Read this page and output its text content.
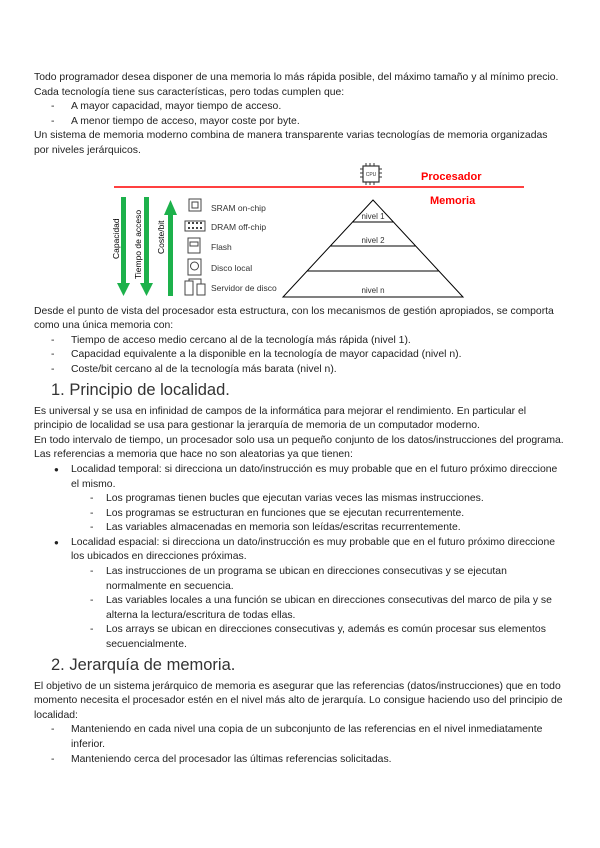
Todo programador desea disponer de una memoria lo más rápida posible, del máximo tamaño y al mínimo precio. Cada tecnología tiene sus características, pero todas cumplen que:

- A mayor capacidad, mayor tiempo de acceso.

- A menor tiempo de acceso, mayor coste por byte.

Un sistema de memoria moderno combina de manera transparente varias tecnologías de memoria organizadas por niveles jerárquicos.

CPU	Procesador
Memoria
Capacidad Tiempo de acceso Coste/bit
SRAM on-chip
DRAM off-chip
Flash
Disco local
Servidor de disco
nivel 1
nivel 2
nivel n

Desde el punto de vista del procesador esta estructura, con los mecanismos de gestión apropiados, se comporta como una única memoria con:

- Tiempo de acceso medio cercano al de la tecnología más rápida (nivel 1).

- Capacidad equivalente a la disponible en la tecnología de mayor capacidad (nivel n).

- Coste/bit cercano al de la tecnología más barata (nivel n).

1. Principio de localidad.

Es universal y se usa en infinidad de campos de la informática para mejorar el rendimiento. En particular el principio de localidad se usa para gestionar la jerarquía de memoria de un computador moderno.

En todo intervalo de tiempo, un procesador solo usa un pequeño conjunto de los datos/instrucciones del programa. Las referencias a memoria que hace no son aleatorias ya que tienen:

● Localidad temporal: si direcciona un dato/instrucción es muy probable que en el futuro próximo direccione el mismo.

- Los programas tienen bucles que ejecutan varias veces las mismas instrucciones.

- Los programas se estructuran en funciones que se ejecutan recurrentemente.

- Las variables almacenadas en memoria son leídas/escritas recurrentemente.

● Localidad espacial: si direcciona un dato/instrucción es muy probable que en el futuro próximo direccione los ubicados en direcciones próximas.

- Las instrucciones de un programa se ubican en direcciones consecutivas y se ejecutan normalmente en secuencia.

- Las variables locales a una función se ubican en direcciones consecutivas del marco de pila y se alterna la lectura/escritura de todas ellas.

- Los arrays se ubican en direcciones consecutivas y, además es común procesar sus elementos secuencialmente.

2. Jerarquía de memoria.

El objetivo de un sistema jerárquico de memoria es asegurar que las referencias (datos/instrucciones) que en todo momento necesita el procesador estén en el nivel más alto de jerarquía. Lo consigue haciendo uso del principio de localidad:

- Manteniendo en cada nivel una copia de un subconjunto de las referencias en el nivel inmediatamente inferior.

- Manteniendo cerca del procesador las últimas referencias solicitadas.
